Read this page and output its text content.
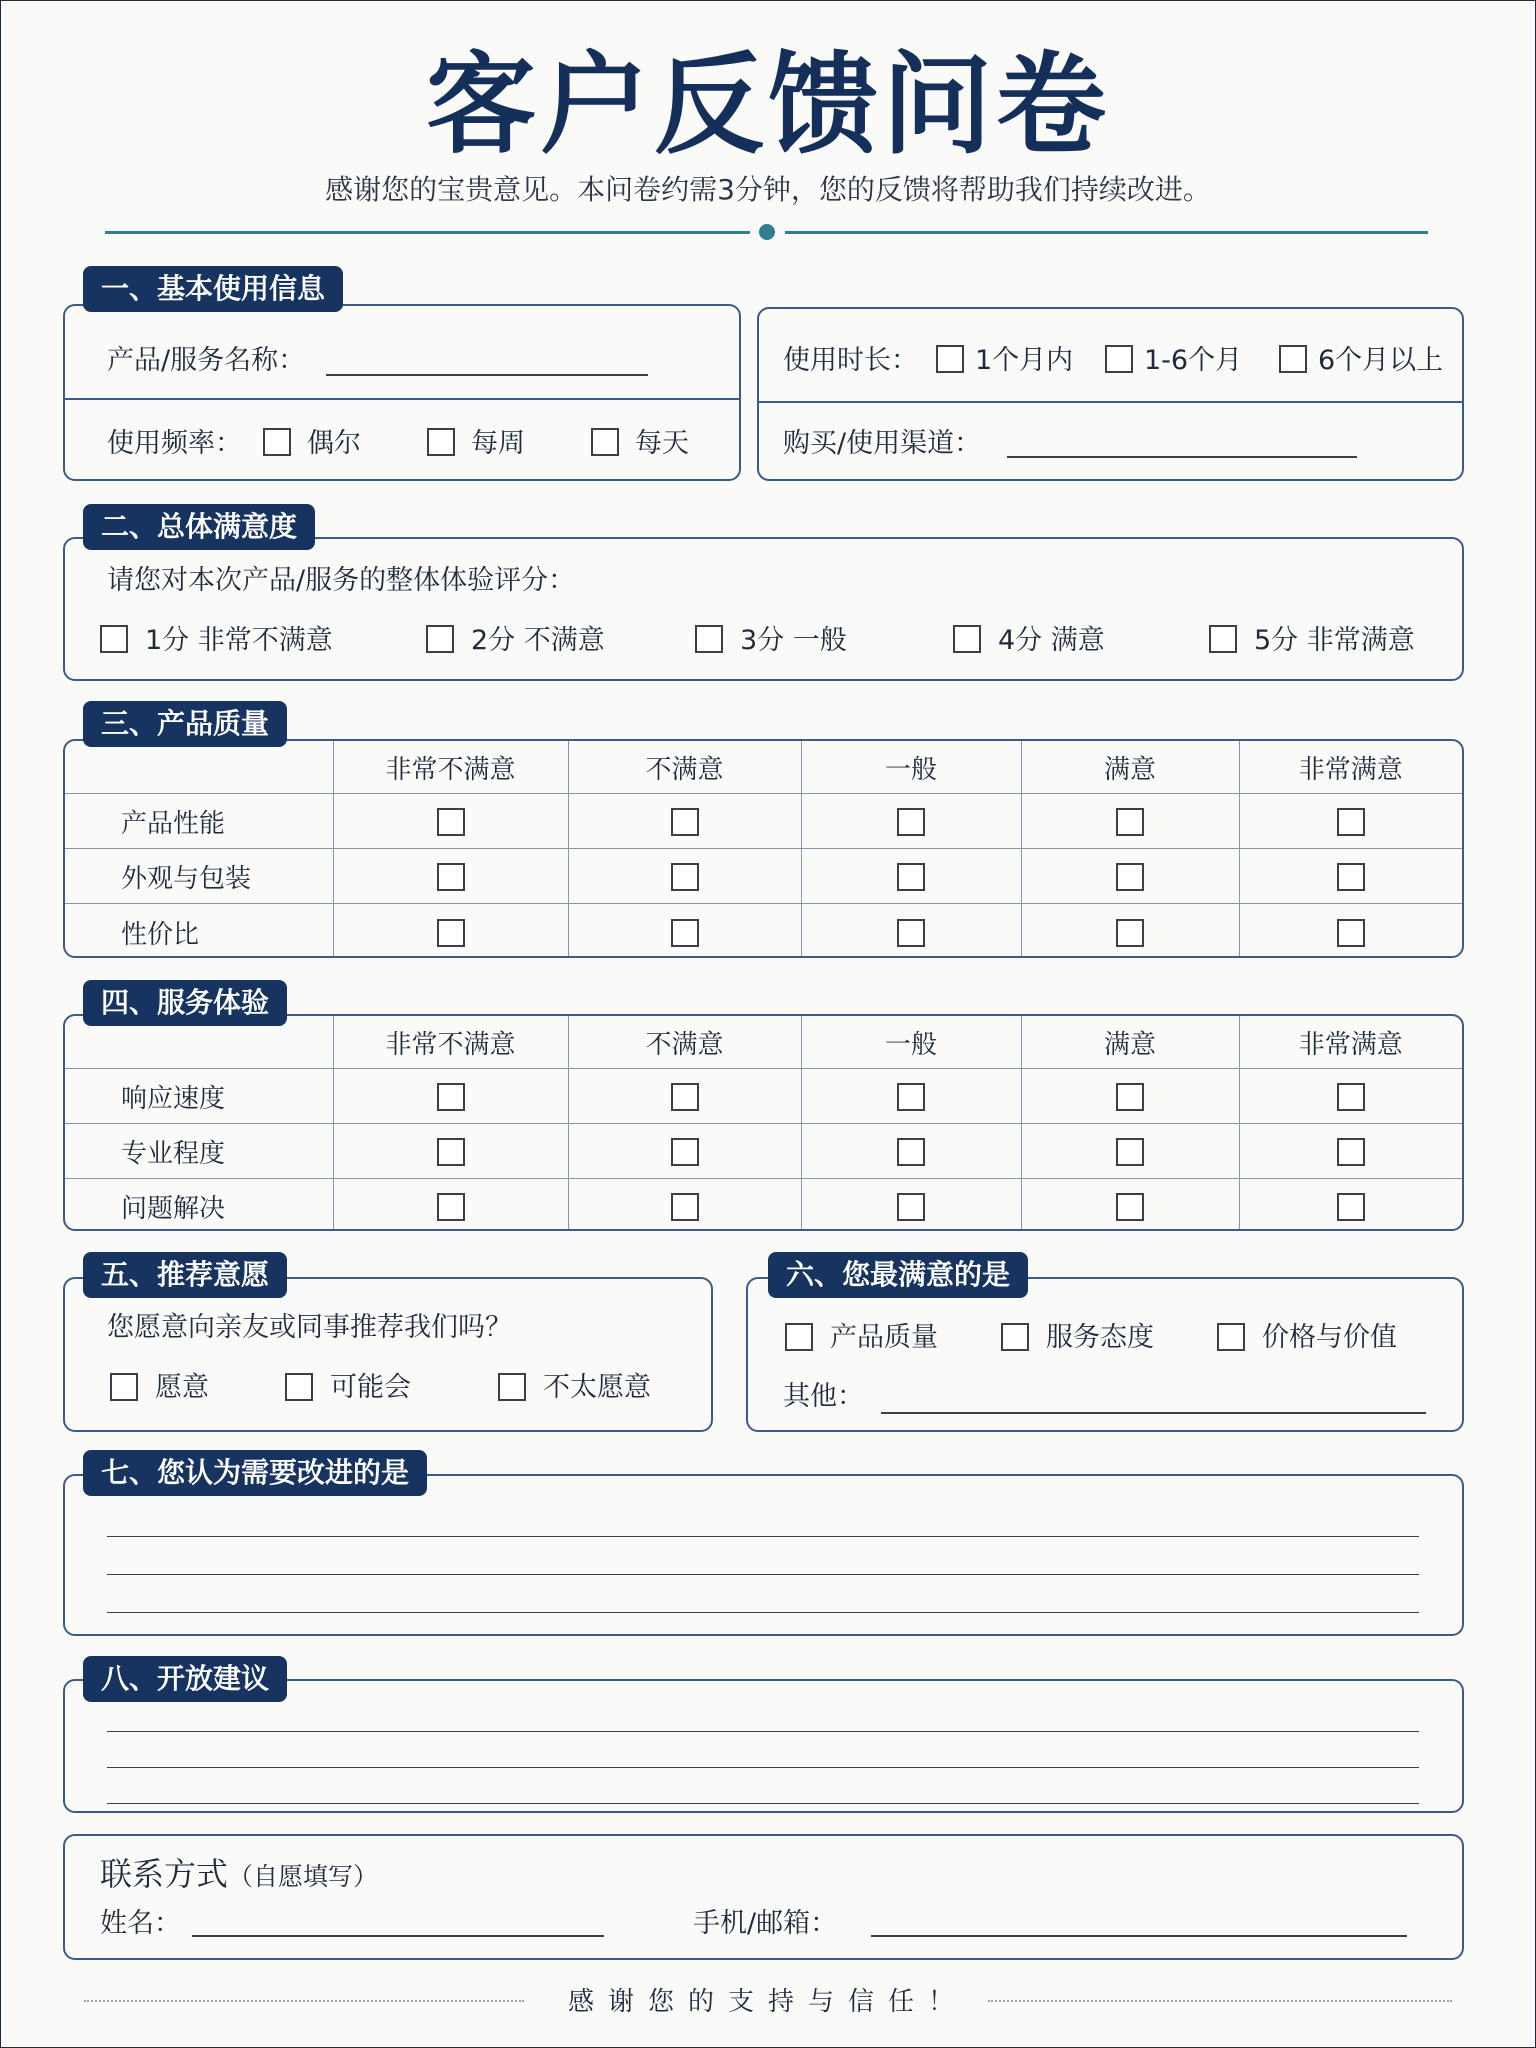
客户反馈问卷
感谢您的宝贵意见。本问卷约需3分钟，您的反馈将帮助我们持续改进。
产品/服务名称：
使用频率： 偶尔	每周	每天
一、基本使用信息
使用时长： 1个月内	1-6个月	6个月以上
购买/使用渠道：
请您对本次产品/服务的整体体验评分：
1分 非常不满意	2分 不满意	3分 一般	4分 满意	5分 非常满意
二、总体满意度
	非常不满意	不满意	一般	满意	非常满意
产品性能					
外观与包装					
性价比					
三、产品质量
	非常不满意	不满意	一般	满意	非常满意
响应速度					
专业程度					
问题解决					
四、服务体验
您愿意向亲友或同事推荐我们吗？
愿意	可能会	不太愿意
五、推荐意愿
产品质量	服务态度	价格与价值
其他：
六、您最满意的是
七、您认为需要改进的是
八、开放建议
联系方式（自愿填写）
姓名：	手机/邮箱：
感谢您的支持与信任！
